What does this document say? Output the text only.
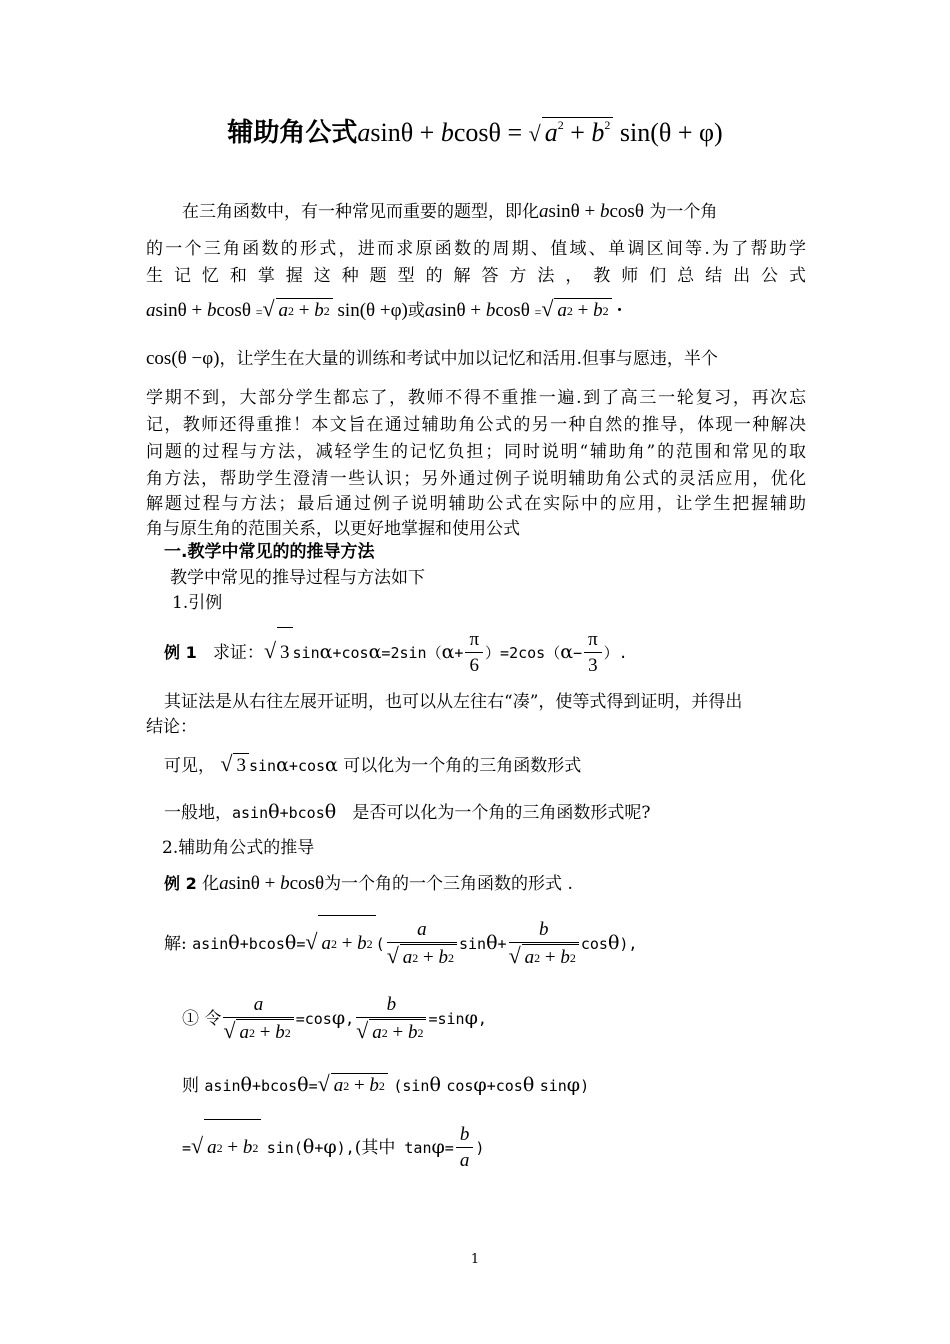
辅助角公式asinθ + bcosθ = √ $a^2 + b^2$ sin(θ + φ)
在三角函数中，有一种常见而重要的题型，即化asinθ + bcosθ 为一个角
的一个三角函数的形式，进而求原函数的周期、值域、单调区间等.为了帮助学
生记忆和掌握这种题型的解答方法，教师们总结出公式
asinθ + bcosθ =√ $a^2 + b^2$ sin(θ +φ)或asinθ + bcosθ =√ $a^2 + b^2$ ·
cos(θ −φ)，让学生在大量的训练和考试中加以记忆和活用.但事与愿违，半个
学期不到，大部分学生都忘了，教师不得不重推一遍.到了高三一轮复习，再次忘
记，教师还得重推！本文旨在通过辅助角公式的另一种自然的推导，体现一种解决
问题的过程与方法，减轻学生的记忆负担；同时说明“辅助角”的范围和常见的取
角方法，帮助学生澄清一些认识；另外通过例子说明辅助角公式的灵活应用，优化
解题过程与方法；最后通过例子说明辅助公式在实际中的应用，让学生把握辅助
角与原生角的范围关系，以更好地掌握和使用公式
一.教学中常见的的推导方法
教学中常见的推导过程与方法如下
1.引例
例 1 求证：√ 3 $\sin\alpha+\cos\alpha=2\sin(\alpha+ \frac{\pi}{6} )=2\cos(\alpha- \frac{\pi}{3}$ ）.
其证法是从右往左展开证明，也可以从左往右“凑”，使等式得到证明，并得出
结论：
可见， √ 3 sinα+cosα 可以化为一个角的三角函数形式
一般地，asinθ+bcosθ 是否可以化为一个角的三角函数形式呢?
2.辅助角公式的推导
例 2 化asinθ + bcosθ为一个角的一个三角函数的形式 .
解: asinθ+bcosθ=√ $a^2 + b^2$ ( $\frac{a}{√ a^2 + b^2} \sin\theta+ \frac{b}{√ a^2 + b^2} \cos\theta$),
① 令 $\frac{a}{√ a^2 + b^2} =\cos\varphi$, $\frac{b}{√ a^2 + b^2} =\sin\varphi$,
则 asinθ+bcosθ=√ $a^2 + b^2$ (sinθ cosφ+cosθ sinφ)
=√ $a^2 + b^2$ sin(θ+φ),(其中 $\tan\varphi= \frac{b}{a}$ )
1
